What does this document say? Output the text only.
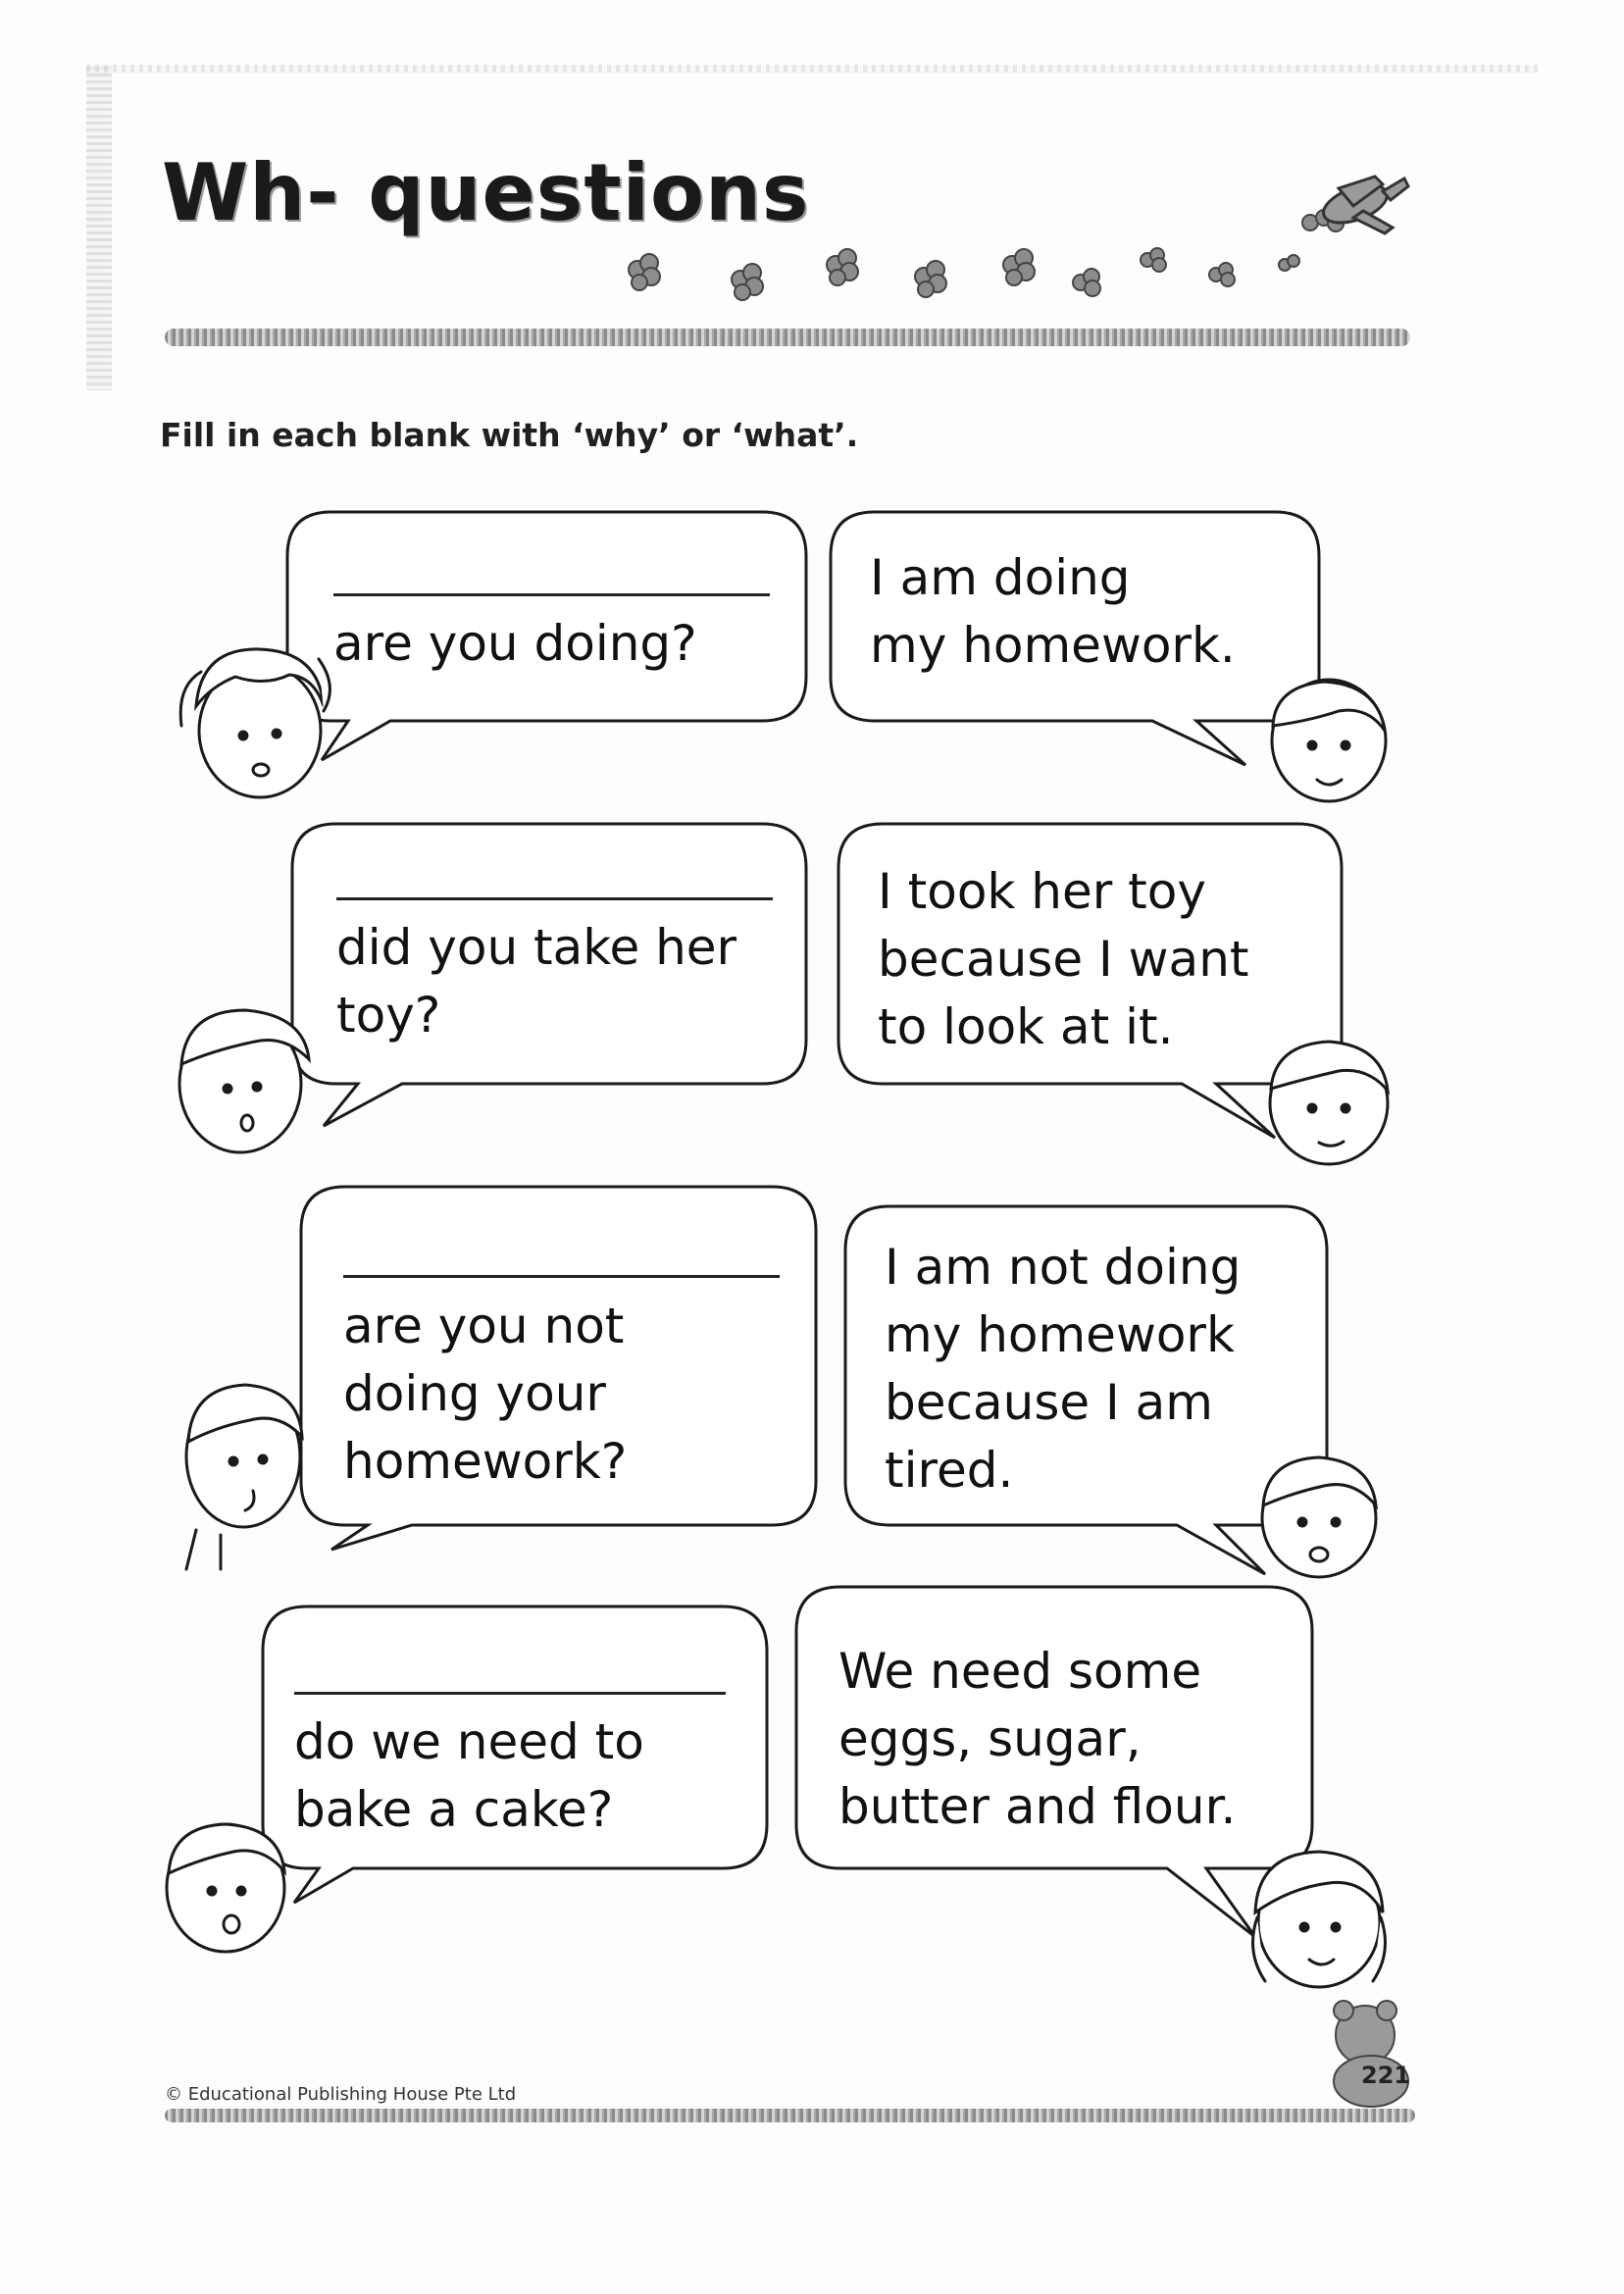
Wh- questions
Fill in each blank with ‘why’ or ‘what’.
are you doing?
I am doing
my homework.
did you take her
toy?
I took her toy
because I want
to look at it.
are you not
doing your
homework?
I am not doing
my homework
because I am
tired.
do we need to
bake a cake?
We need some
eggs, sugar,
butter and flour.
© Educational Publishing House Pte Ltd
221
